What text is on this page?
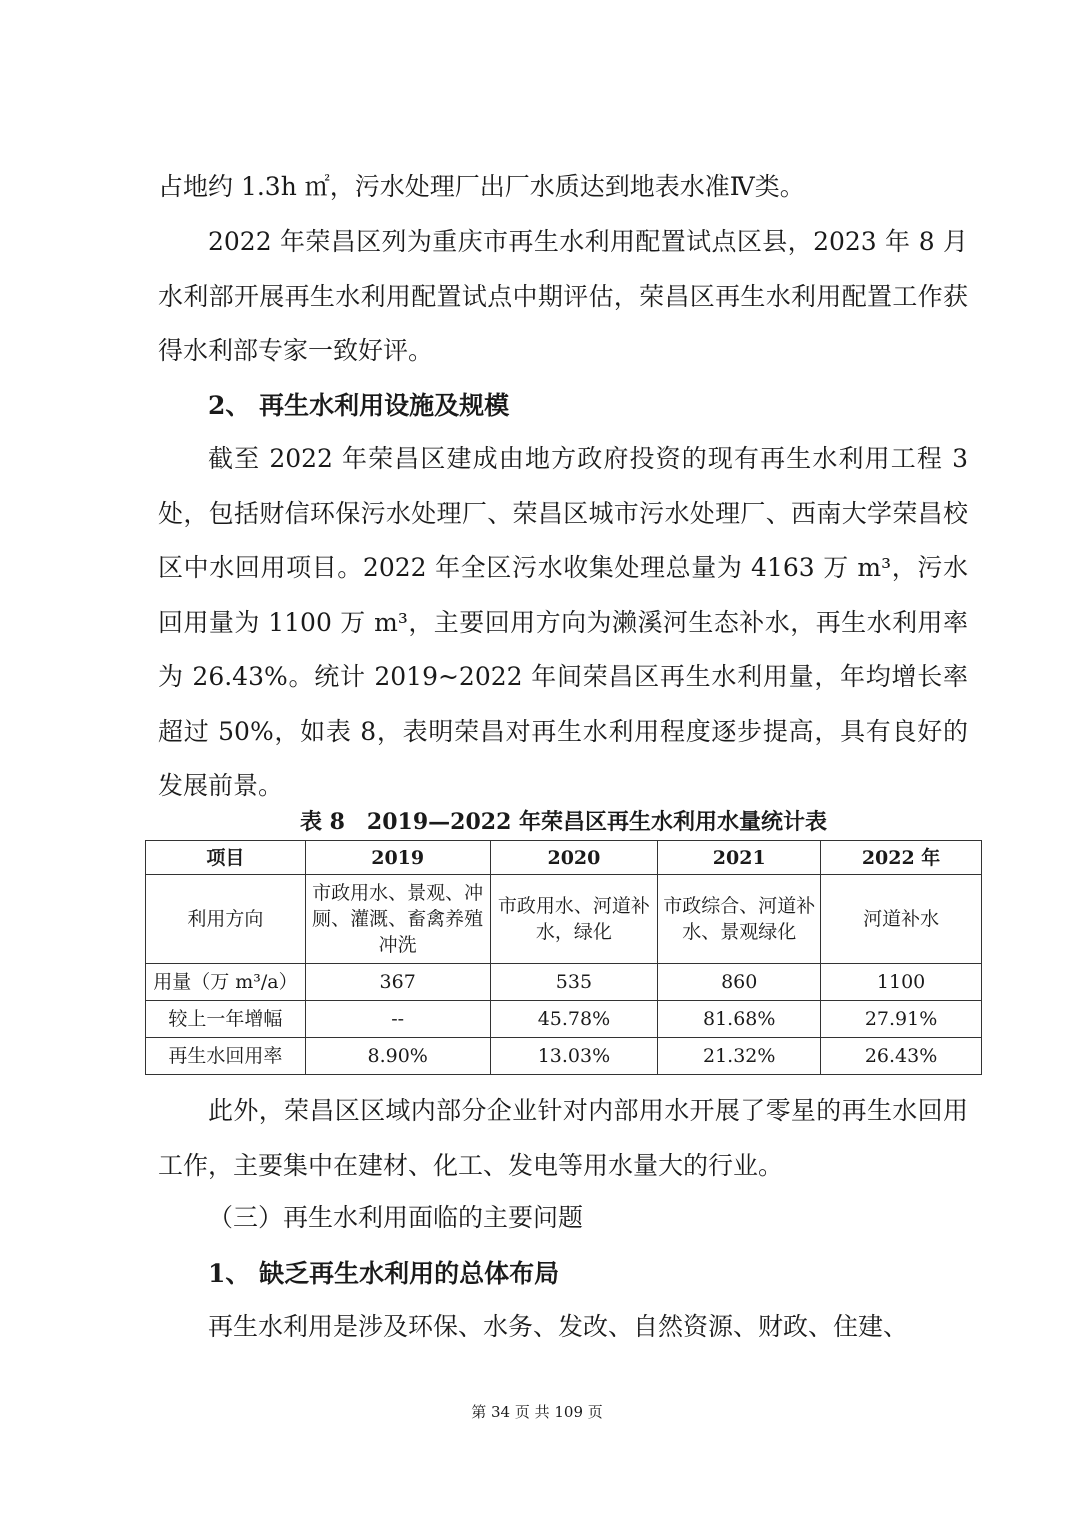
占地约 1.3h ㎡，污水处理厂出厂水质达到地表水准Ⅳ类。

2022 年荣昌区列为重庆市再生水利用配置试点区县，2023 年 8 月水利部开展再生水利用配置试点中期评估，荣昌区再生水利用配置工作获得水利部专家一致好评。

2、 再生水利用设施及规模

截至 2022 年荣昌区建成由地方政府投资的现有再生水利用工程 3 处，包括财信环保污水处理厂、荣昌区城市污水处理厂、西南大学荣昌校区中水回用项目。2022 年全区污水收集处理总量为 4163 万 m³，污水回用量为 1100 万 m³，主要回用方向为濑溪河生态补水，再生水利用率为 26.43%。统计 2019~2022 年间荣昌区再生水利用量，年均增长率超过 50%，如表 8，表明荣昌对再生水利用程度逐步提高，具有良好的发展前景。

表 8　2019—2022 年荣昌区再生水利用水量统计表
项目	2019	2020	2021	2022 年
利用方向	市政用水、景观、冲厕、灌溉、畜禽养殖冲洗	市政用水、河道补水，绿化	市政综合、河道补水、景观绿化	河道补水
用量（万 m³/a）	367	535	860	1100
较上一年增幅	--	45.78%	81.68%	27.91%
再生水回用率	8.90%	13.03%	21.32%	26.43%

此外，荣昌区区域内部分企业针对内部用水开展了零星的再生水回用工作，主要集中在建材、化工、发电等用水量大的行业。

（三）再生水利用面临的主要问题

1、 缺乏再生水利用的总体布局

再生水利用是涉及环保、水务、发改、自然资源、财政、住建、

第 34 页 共 109 页
